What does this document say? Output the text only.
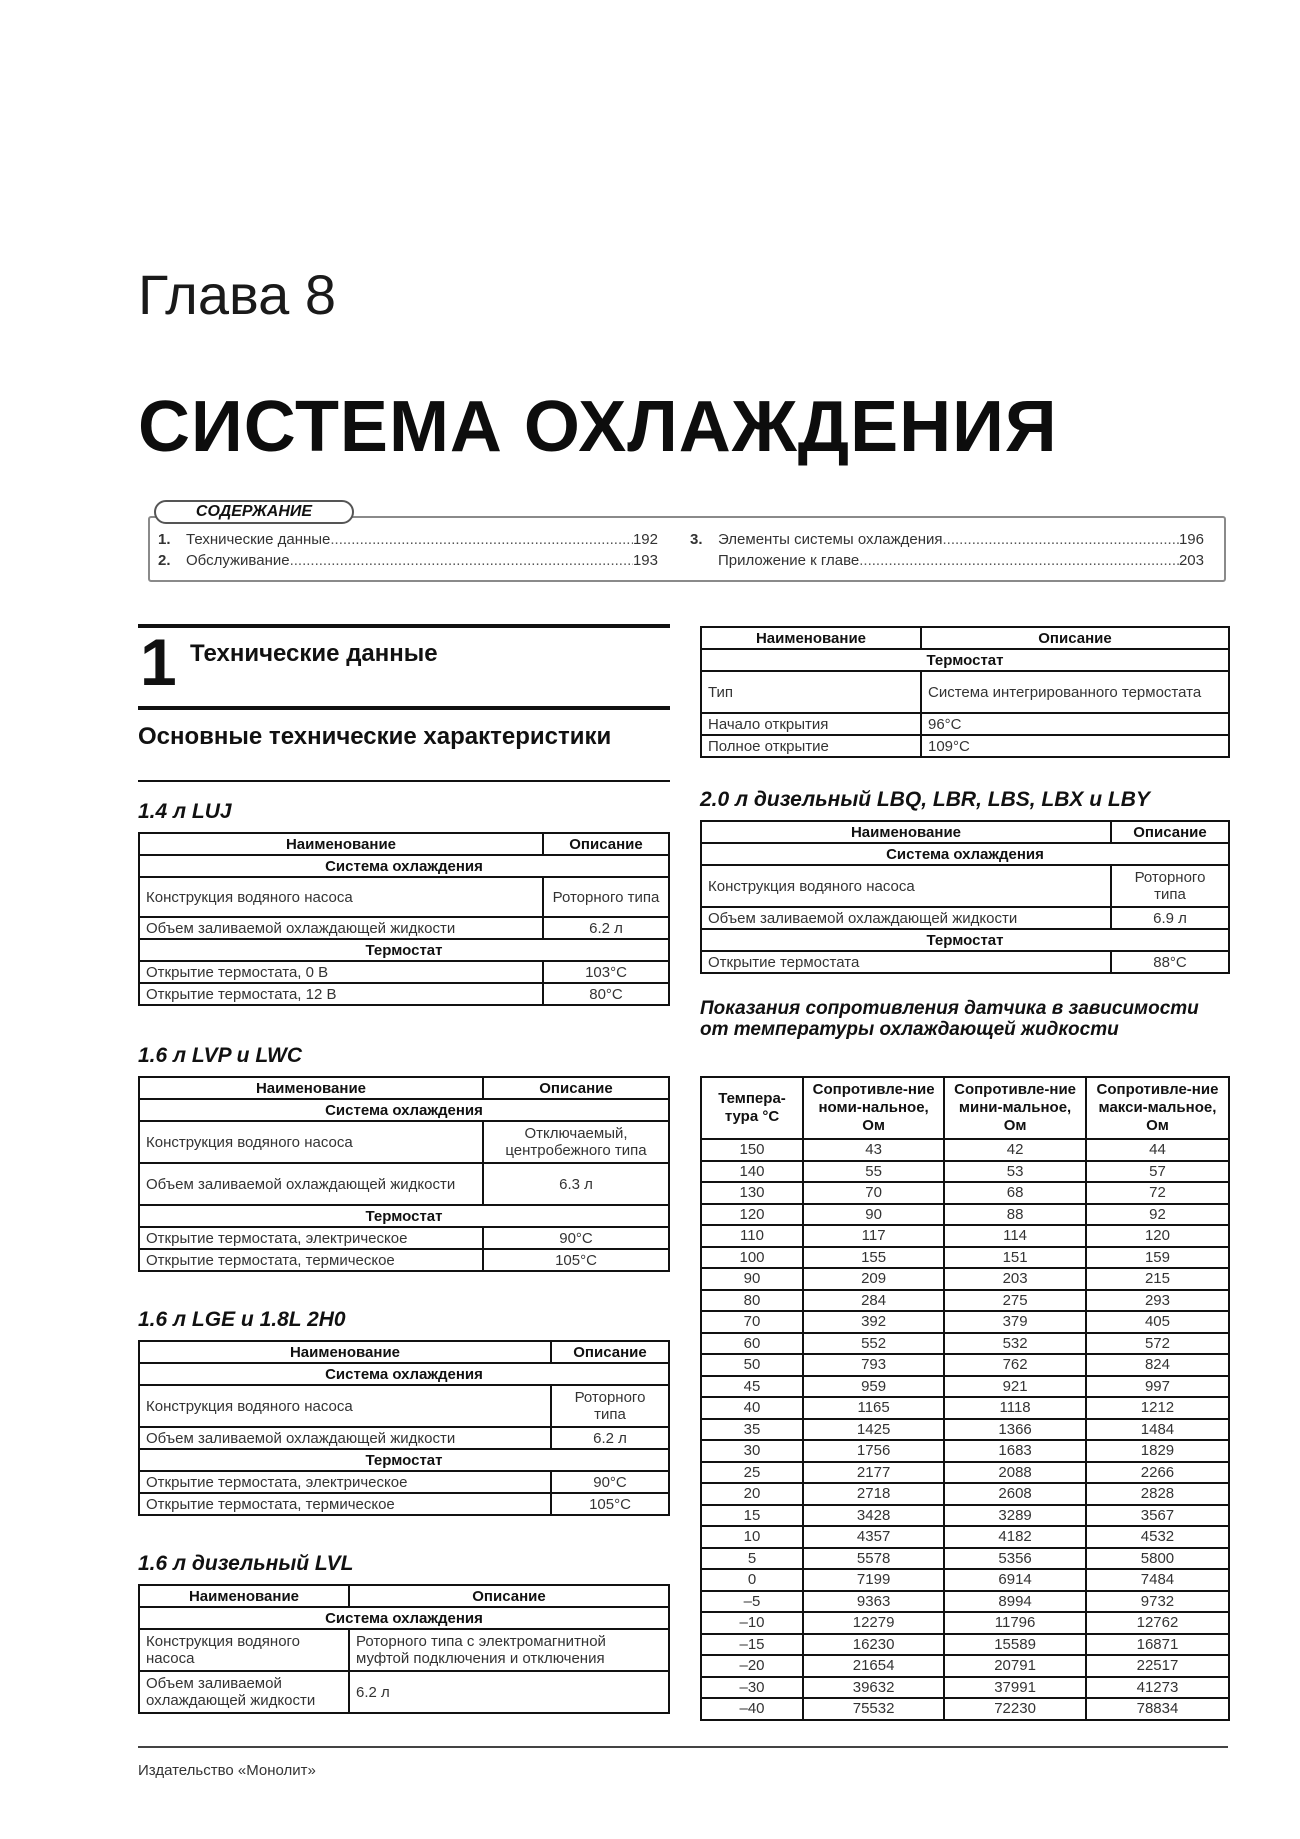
Глава 8
СИСТЕМА ОХЛАЖДЕНИЯ
1.	Технические данные .....	192
2.	Обслуживание .....	193
3.	Элементы системы охлаждения .....	196
Приложение к главе .....	203
СОДЕРЖАНИЕ
1 Технические данные
Основные технические характеристики
1.4 л LUJ
Наименование	Описание
Система охлаждения	
Конструкция водяного насоса	Роторного типа
Объем заливаемой охлаждающей жидкости	6.2 л
Термостат	
Открытие термостата, 0 В	103°C
Открытие термостата, 12 В	80°C
1.6 л LVP и LWC
Наименование	Описание
Система охлаждения	
Конструкция водяного насоса	Отключаемый, центробежного типа
Объем заливаемой охлаждающей жидкости	6.3 л
Термостат	
Открытие термостата, электрическое	90°C
Открытие термостата, термическое	105°C
1.6 л LGE и 1.8L 2H0
Наименование	Описание
Система охлаждения	
Конструкция водяного насоса	Роторного типа
Объем заливаемой охлаждающей жидкости	6.2 л
Термостат	
Открытие термостата, электрическое	90°C
Открытие термостата, термическое	105°C
1.6 л дизельный LVL
Наименование	Описание
Система охлаждения	
Конструкция водяного насоса	Роторного типа с электромагнитной муфтой подключения и отключения
Объем заливаемой охлаждающей жидкости	6.2 л
Наименование	Описание
Термостат	
Тип	Система интегрированного термостата
Начало открытия	96°C
Полное открытие	109°C
2.0 л дизельный LBQ, LBR, LBS, LBX и LBY
Наименование	Описание
Система охлаждения	
Конструкция водяного насоса	Роторного типа
Объем заливаемой охлаждающей жидкости	6.9 л
Термостат	
Открытие термостата	88°C
Показания сопротивления датчика в зависимости от температуры охлаждающей жидкости
Темпера-тура °С	Сопротивле-ние номи-нальное, Ом	Сопротивле-ние мини-мальное, Ом	Сопротивле-ние макси-мальное, Ом
150	43	42	44
140	55	53	57
130	70	68	72
120	90	88	92
110	117	114	120
100	155	151	159
90	209	203	215
80	284	275	293
70	392	379	405
60	552	532	572
50	793	762	824
45	959	921	997
40	1165	1118	1212
35	1425	1366	1484
30	1756	1683	1829
25	2177	2088	2266
20	2718	2608	2828
15	3428	3289	3567
10	4357	4182	4532
5	5578	5356	5800
0	7199	6914	7484
–5	9363	8994	9732
–10	12279	11796	12762
–15	16230	15589	16871
–20	21654	20791	22517
–30	39632	37991	41273
–40	75532	72230	78834
Издательство «Монолит»
